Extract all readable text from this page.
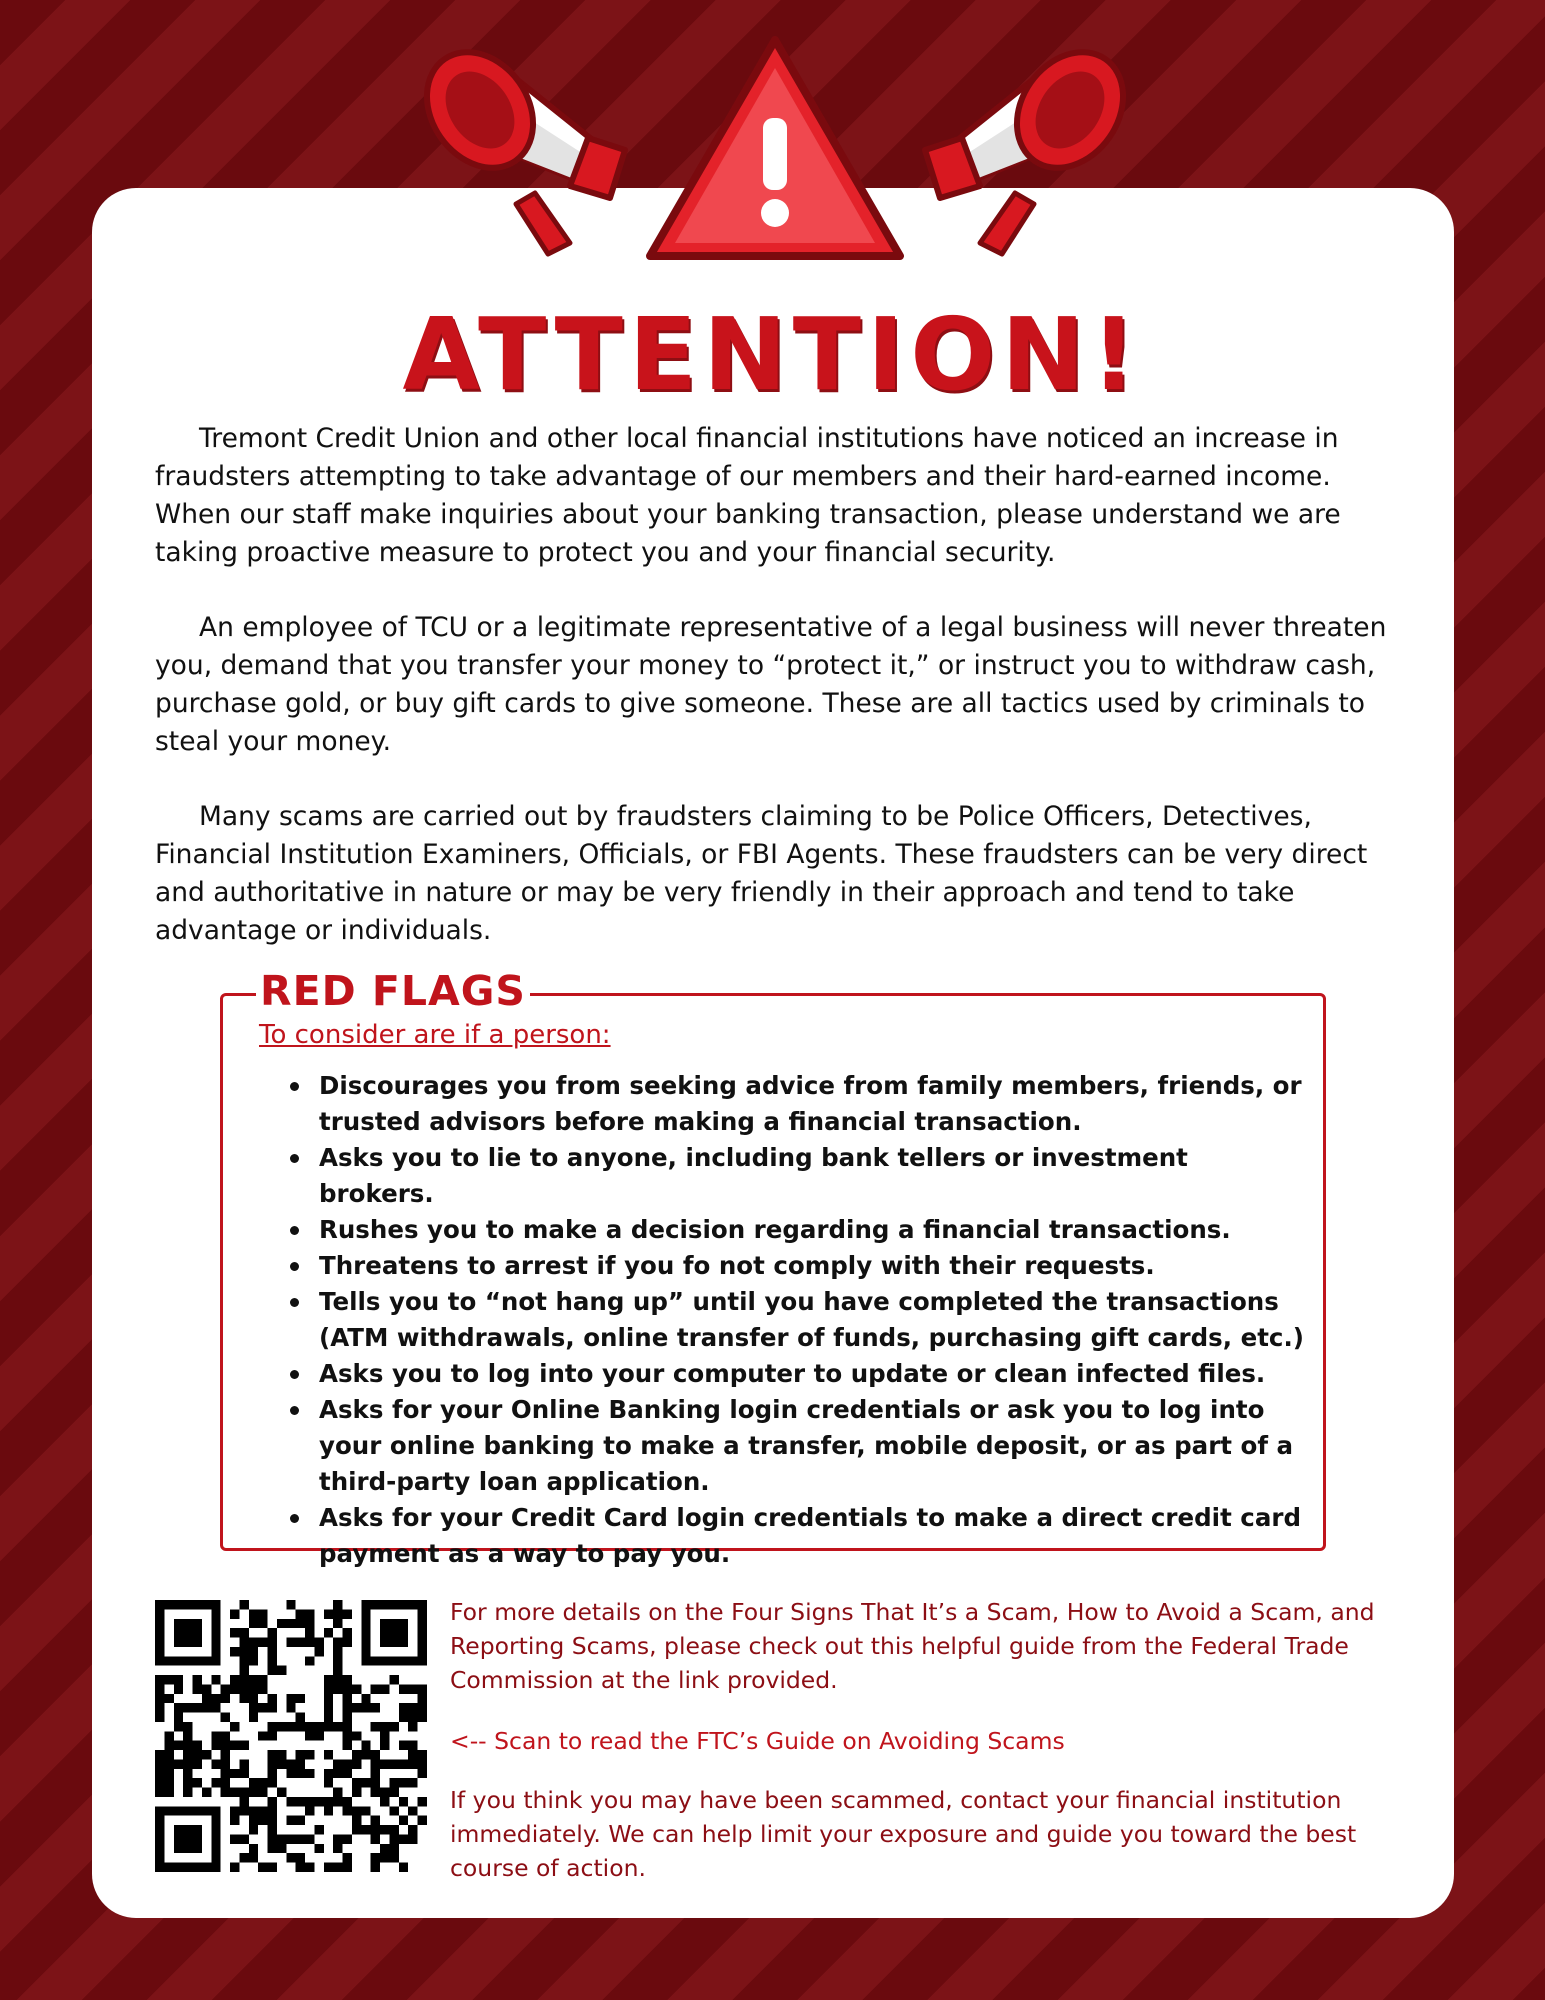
ATTENTION!

Tremont Credit Union and other local financial institutions have noticed an increase in fraudsters attempting to take advantage of our members and their hard-earned income. When our staff make inquiries about your banking transaction, please understand we are taking proactive measure to protect you and your financial security.

An employee of TCU or a legitimate representative of a legal business will never threaten you, demand that you transfer your money to “protect it,” or instruct you to withdraw cash, purchase gold, or buy gift cards to give someone. These are all tactics used by criminals to steal your money.

Many scams are carried out by fraudsters claiming to be Police Officers, Detectives, Financial Institution Examiners, Officials, or FBI Agents. These fraudsters can be very direct and authoritative in nature or may be very friendly in their approach and tend to take advantage or individuals.

RED FLAGS
To consider are if a person:
Discourages you from seeking advice from family members, friends, or trusted advisors before making a financial transaction.
Asks you to lie to anyone, including bank tellers or investment brokers.
Rushes you to make a decision regarding a financial transactions.
Threatens to arrest if you fo not comply with their requests.
Tells you to “not hang up” until you have completed the transactions (ATM withdrawals, online transfer of funds, purchasing gift cards, etc.)
Asks you to log into your computer to update or clean infected files.
Asks for your Online Banking login credentials or ask you to log into your online banking to make a transfer, mobile deposit, or as part of a third-party loan application.
Asks for your Credit Card login credentials to make a direct credit card payment as a way to pay you.

For more details on the Four Signs That It’s a Scam, How to Avoid a Scam, and Reporting Scams, please check out this helpful guide from the Federal Trade Commission at the link provided.

<-- Scan to read the FTC’s Guide on Avoiding Scams

If you think you may have been scammed, contact your financial institution immediately. We can help limit your exposure and guide you toward the best course of action.
